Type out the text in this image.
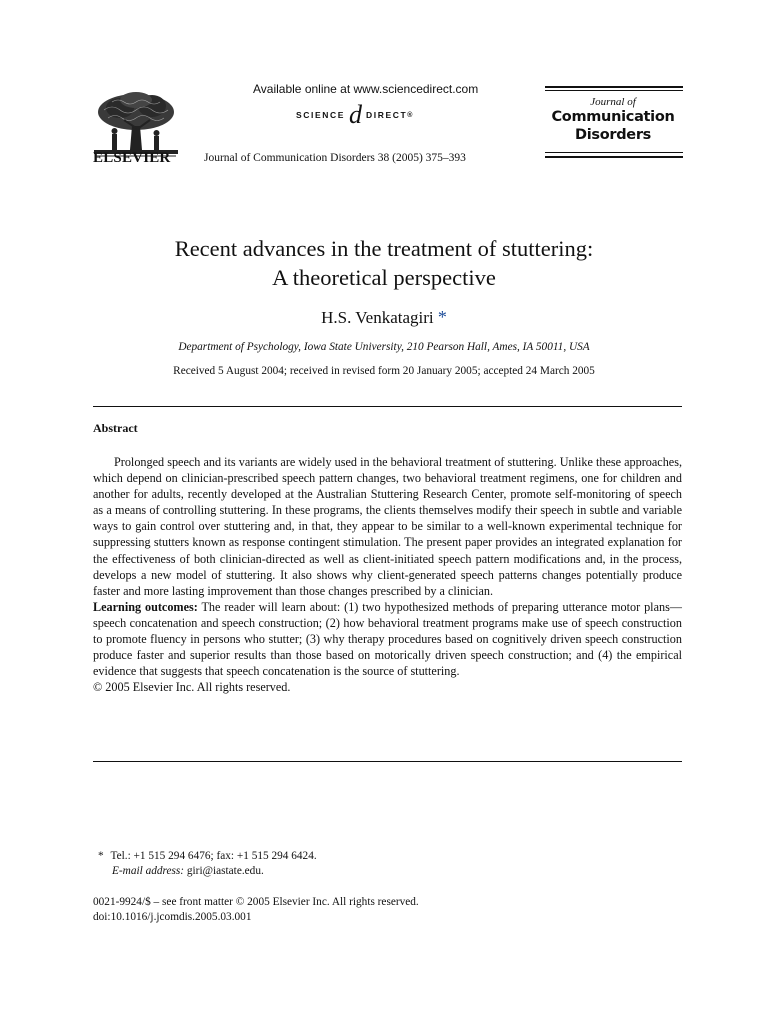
ELSEVIER
Available online at www.sciencedirect.com
SCIENCE d DIRECT ®
Journal of Communication Disorders 38 (2005) 375–393
Journal of
Communication
Disorders
Recent advances in the treatment of stuttering:
A theoretical perspective
H.S. Venkatagiri *
Department of Psychology, Iowa State University, 210 Pearson Hall, Ames, IA 50011, USA
Received 5 August 2004; received in revised form 20 January 2005; accepted 24 March 2005
Abstract

Prolonged speech and its variants are widely used in the behavioral treatment of stuttering. Unlike these approaches, which depend on clinician-prescribed speech pattern changes, two behavioral treatment regimens, one for children and another for adults, recently developed at the Australian Stuttering Research Center, promote self-monitoring of speech as a means of controlling stuttering. In these programs, the clients themselves modify their speech in subtle and variable ways to gain control over stuttering and, in that, they appear to be similar to a well-known experimental technique for suppressing stutters known as response contingent stimulation. The present paper provides an integrated explanation for the effectiveness of both clinician-directed as well as client-initiated speech pattern modifications and, in the process, develops a new model of stuttering. It also shows why client-generated speech patterns changes potentially produce faster and more lasting improvement than those changes prescribed by a clinician.

Learning outcomes: The reader will learn about: (1) two hypothesized methods of preparing utterance motor plans—speech concatenation and speech construction; (2) how behavioral treatment programs make use of speech construction to promote fluency in persons who stutter; (3) why therapy procedures based on cognitively driven speech construction produce faster and superior results than those based on motorically driven speech construction; and (4) the empirical evidence that suggests that speech concatenation is the source of stuttering.

© 2005 Elsevier Inc. All rights reserved.

* Tel.: +1 515 294 6476; fax: +1 515 294 6424.
E-mail address: giri@iastate.edu.
0021-9924/$ – see front matter © 2005 Elsevier Inc. All rights reserved.
doi:10.1016/j.jcomdis.2005.03.001
